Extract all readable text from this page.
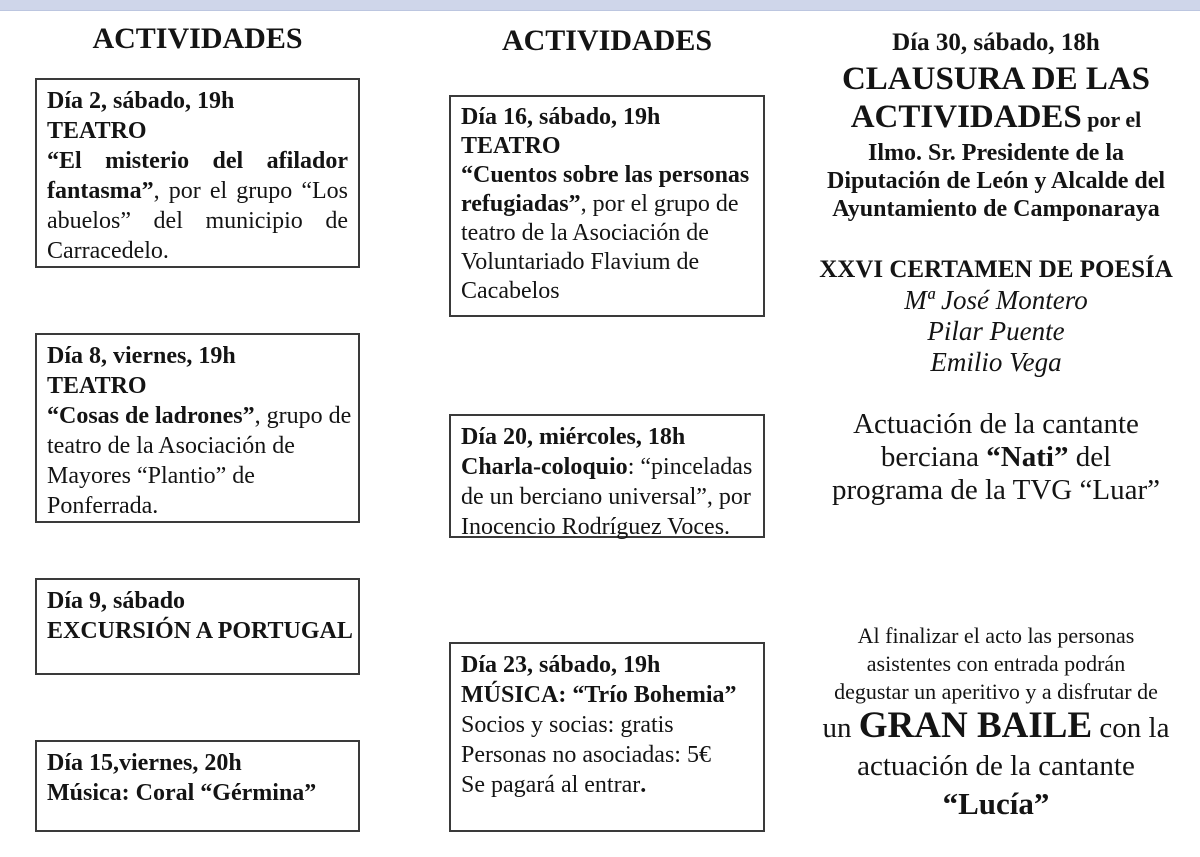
ACTIVIDADES	ACTIVIDADES
Día 2, sábado, 19h
TEATRO
“El misterio del afilador
fantasma”, por el grupo “Los
abuelos” del municipio de
Carracedelo.
Día 8, viernes, 19h
TEATRO
“Cosas de ladrones”, grupo de
teatro de la Asociación de
Mayores “Plantio” de
Ponferrada.
Día 9, sábado
EXCURSIÓN A PORTUGAL
Día 15,viernes, 20h
Música: Coral “Gérmina”
Día 16, sábado, 19h
TEATRO
“Cuentos sobre las personas
refugiadas”, por el grupo de
teatro de la Asociación de
Voluntariado Flavium de
Cacabelos
Día 20, miércoles, 18h
Charla-coloquio: “pinceladas
de un berciano universal”, por
Inocencio Rodríguez Voces.
Día 23, sábado, 19h
MÚSICA: “Trío Bohemia”
Socios y socias: gratis
Personas no asociadas: 5€
Se pagará al entrar.
Día 30, sábado, 18h
CLAUSURA DE LAS
ACTIVIDADES por el
Ilmo. Sr. Presidente de la
Diputación de León y Alcalde del
Ayuntamiento de Camponaraya
XXVI CERTAMEN DE POESÍA
Mª José Montero
Pilar Puente
Emilio Vega
Actuación de la cantante
berciana “Nati” del
programa de la TVG “Luar”
Al finalizar el acto las personas
asistentes con entrada podrán
degustar un aperitivo y a disfrutar de
un GRAN BAILE con la
actuación de la cantante
“Lucía”
